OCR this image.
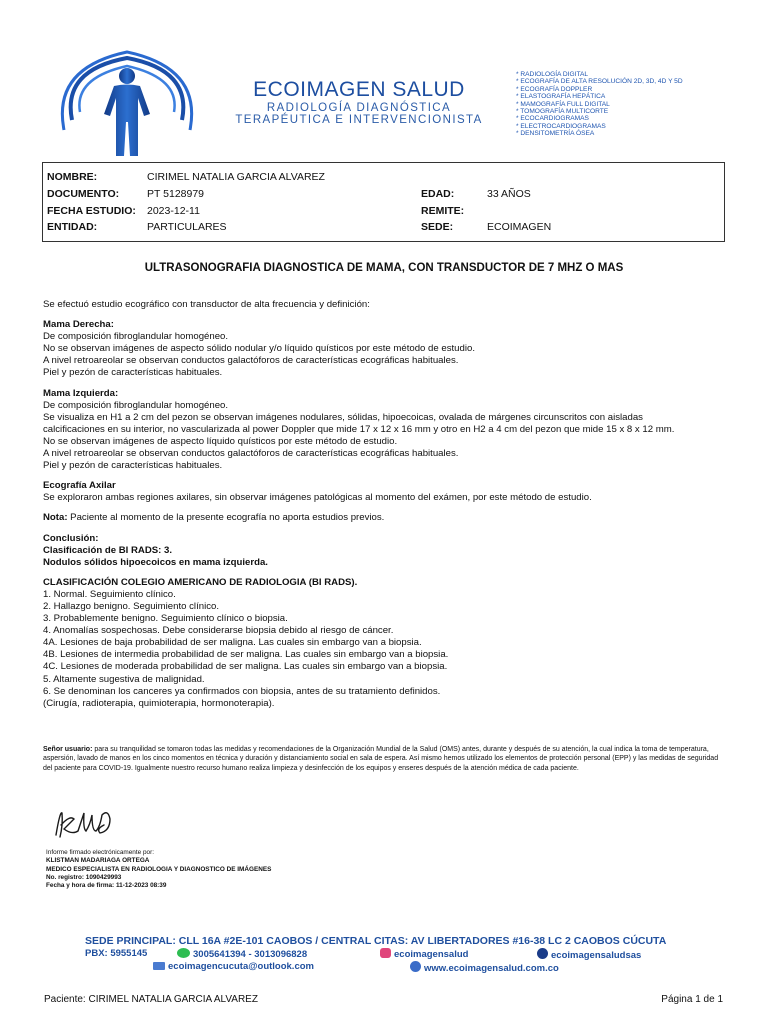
ECOIMAGEN SALUD
RADIOLOGÍA DIAGNÓSTICA
TERAPÉUTICA E INTERVENCIONISTA
* RADIOLOGÍA DIGITAL
* ECOGRAFÍA DE ALTA RESOLUCIÓN 2D, 3D, 4D Y 5D
* ECOGRAFÍA DOPPLER
* ELASTOGRAFÍA HEPÁTICA
* MAMOGRAFÍA FULL DIGITAL
* TOMOGRAFÍA MULTICORTE
* ECOCARDIOGRAMAS
* ELECTROCARDIOGRAMAS
* DENSITOMETRÍA ÓSEA
NOMBRE:	CIRIMEL NATALIA GARCIA ALVAREZ
DOCUMENTO:	PT 5128979	EDAD:	33 AÑOS
FECHA ESTUDIO: 2023-12-11	REMITE:
ENTIDAD:	PARTICULARES	SEDE:	ECOIMAGEN
ULTRASONOGRAFIA DIAGNOSTICA DE MAMA, CON TRANSDUCTOR DE 7 MHZ O MAS

Se efectuó estudio ecográfico con transductor de alta frecuencia y definición:

Mama Derecha:

De composición fibroglandular homogéneo.

No se observan imágenes de aspecto sólido nodular y/o líquido quísticos por este método de estudio.

A nivel retroareolar se observan conductos galactóforos de características ecográficas habituales.

Piel y pezón de características habituales.

Mama Izquierda:

De composición fibroglandular homogéneo.

Se visualiza en H1 a 2 cm del pezon se observan imágenes nodulares, sólidas, hipoecoicas, ovalada de márgenes circunscritos con aisladas

calcificaciones en su interior, no vascularizada al power Doppler que mide 17 x 12 x 16 mm y otro en H2 a 4 cm del pezon que mide 15 x 8 x 12 mm.

No se observan imágenes de aspecto líquido quísticos por este método de estudio.

A nivel retroareolar se observan conductos galactóforos de características ecográficas habituales.

Piel y pezón de características habituales.

Ecografía Axilar

Se exploraron ambas regiones axilares, sin observar imágenes patológicas al momento del exámen, por este método de estudio.

Nota: Paciente al momento de la presente ecografía no aporta estudios previos.

Conclusión:

Clasificación de BI RADS: 3.

Nodulos sólidos hipoecoicos en mama izquierda.

CLASIFICACIÓN COLEGIO AMERICANO DE RADIOLOGIA (BI RADS).

1. Normal. Seguimiento clínico.

2. Hallazgo benigno. Seguimiento clínico.

3. Probablemente benigno. Seguimiento clínico o biopsia.

4. Anomalías sospechosas. Debe considerarse biopsia debido al riesgo de cáncer.

4A. Lesiones de baja probabilidad de ser maligna. Las cuales sin embargo van a biopsia.

4B. Lesiones de intermedia probabilidad de ser maligna. Las cuales sin embargo van a biopsia.

4C. Lesiones de moderada probabilidad de ser maligna. Las cuales sin embargo van a biopsia.

5. Altamente sugestiva de malignidad.

6. Se denominan los canceres ya confirmados con biopsia, antes de su tratamiento definidos.

(Cirugía, radioterapia, quimioterapia, hormonoterapia).

Señor usuario: para su tranquilidad se tomaron todas las medidas y recomendaciones de la Organización Mundial de la Salud (OMS) antes, durante y después de su atención, la cual indica la toma de temperatura, aspersión, lavado de manos en los cinco momentos en técnica y duración y distanciamiento social en sala de espera. Así mismo hemos utilizado los elementos de protección personal (EPP) y las medidas de seguridad del paciente para COVID-19. Igualmente nuestro recurso humano realiza limpieza y desinfección de los equipos y enseres después de la atención médica de cada paciente.
Informe firmado electrónicamente por:
KLISTMAN MADARIAGA ORTEGA
MEDICO ESPECIALISTA EN RADIOLOGIA Y DIAGNOSTICO DE IMÁGENES
No. registro: 1090429993
Fecha y hora de firma: 11-12-2023 08:39
SEDE PRINCIPAL: CLL 16A #2E-101 CAOBOS / CENTRAL CITAS: AV LIBERTADORES #16-38 LC 2 CAOBOS CÚCUTA
PBX: 5955145	3005641394 - 3013096828	ecoimagensalud	ecoimagensaludsas
ecoimagencucuta@outlook.com	www.ecoimagensalud.com.co
Paciente: CIRIMEL NATALIA GARCIA ALVAREZ	Página 1 de 1
